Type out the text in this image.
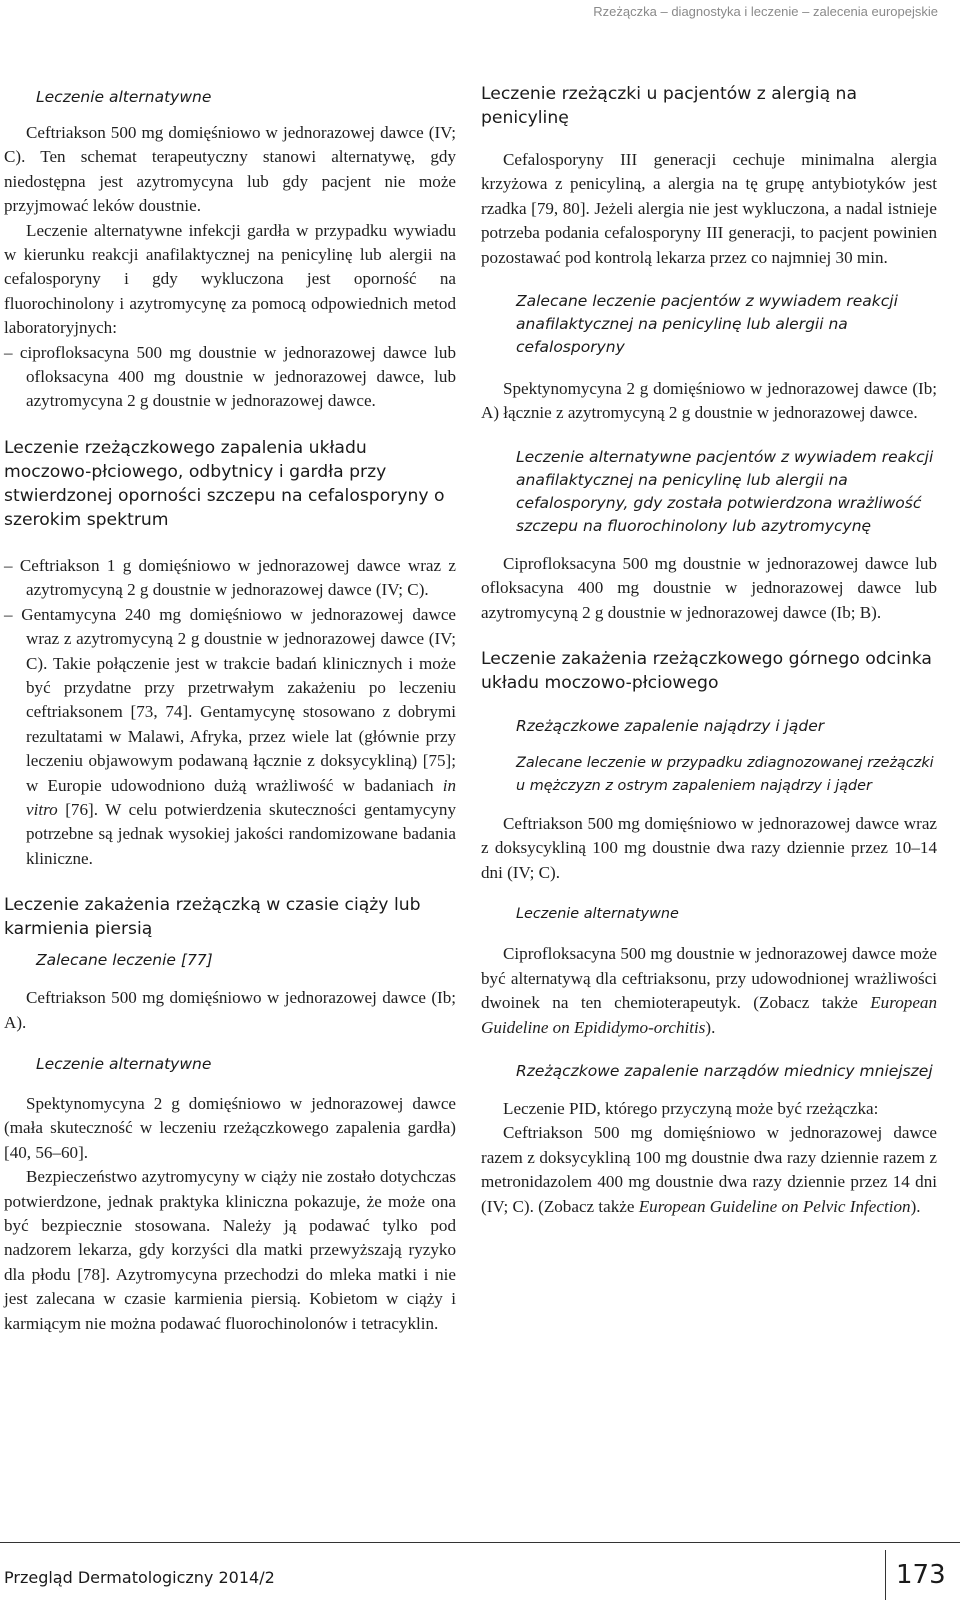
Rzeżączka – diagnostyka i leczenie – zalecenia europejskie
Leczenie alternatywne

Ceftriakson 500 mg domięśniowo w jednorazowej dawce (IV; C). Ten schemat terapeutyczny stanowi alternatywę, gdy niedostępna jest azytromycyna lub gdy pacjent nie może przyjmować leków doustnie.

Leczenie alternatywne infekcji gardła w przypadku wywiadu w kierunku reakcji anafilaktycznej na penicylinę lub alergii na cefalosporyny i gdy wykluczona jest oporność na fluorochinolony i azytromycynę za pomocą odpowiednich metod laboratoryjnych:

– ciprofloksacyna 500 mg doustnie w jednorazowej dawce lub ofloksacyna 400 mg doustnie w jednorazowej dawce, lub azytromycyna 2 g doustnie w jednorazowej dawce.

Leczenie rzeżączkowego zapalenia układu moczowo-płciowego, odbytnicy i gardła przy stwierdzonej oporności szczepu na cefalosporyny o szerokim spektrum

– Ceftriakson 1 g domięśniowo w jednorazowej dawce wraz z azytromycyną 2 g doustnie w jednorazowej dawce (IV; C).

– Gentamycyna 240 mg domięśniowo w jednorazowej dawce wraz z azytromycyną 2 g doustnie w jednorazowej dawce (IV; C). Takie połączenie jest w trakcie badań klinicznych i może być przydatne przy przetrwałym zakażeniu po leczeniu ceftriaksonem [73, 74]. Gentamycynę stosowano z dobrymi rezultatami w Malawi, Afryka, przez wiele lat (głównie przy leczeniu objawowym podawaną łącznie z doksycykliną) [75]; w Europie udowodniono dużą wrażliwość w badaniach in vitro [76]. W celu potwierdzenia skuteczności gentamycyny potrzebne są jednak wysokiej jakości randomizowane badania kliniczne.

Leczenie zakażenia rzeżączką w czasie ciąży lub karmienia piersią
Zalecane leczenie [77]

Ceftriakson 500 mg domięśniowo w jednorazowej dawce (Ib; A).

Leczenie alternatywne

Spektynomycyna 2 g domięśniowo w jednorazowej dawce (mała skuteczność w leczeniu rzeżączkowego zapalenia gardła) [40, 56–60].

Bezpieczeństwo azytromycyny w ciąży nie zostało dotychczas potwierdzone, jednak praktyka kliniczna pokazuje, że może ona być bezpiecznie stosowana. Należy ją podawać tylko pod nadzorem lekarza, gdy korzyści dla matki przewyższają ryzyko dla płodu [78]. Azytromycyna przechodzi do mleka matki i nie jest zalecana w czasie karmienia piersią. Kobietom w ciąży i karmiącym nie można podawać fluorochinolonów i tetracyklin.

Leczenie rzeżączki u pacjentów z alergią na penicylinę

Cefalosporyny III generacji cechuje minimalna alergia krzyżowa z penicyliną, a alergia na tę grupę antybiotyków jest rzadka [79, 80]. Jeżeli alergia nie jest wykluczona, a nadal istnieje potrzeba podania cefalosporyny III generacji, to pacjent powinien pozostawać pod kontrolą lekarza przez co najmniej 30 min.

Zalecane leczenie pacjentów z wywiadem reakcji anafilaktycznej na penicylinę lub alergii na cefalosporyny

Spektynomycyna 2 g domięśniowo w jednorazowej dawce (Ib; A) łącznie z azytromycyną 2 g doustnie w jednorazowej dawce.

Leczenie alternatywne pacjentów z wywiadem reakcji anafilaktycznej na penicylinę lub alergii na cefalosporyny, gdy została potwierdzona wrażliwość szczepu na fluorochinolony lub azytromycynę

Ciprofloksacyna 500 mg doustnie w jednorazowej dawce lub ofloksacyna 400 mg doustnie w jednorazowej dawce lub azytromycyną 2 g doustnie w jednorazowej dawce (Ib; B).

Leczenie zakażenia rzeżączkowego górnego odcinka układu moczowo-płciowego
Rzeżączkowe zapalenie najądrzy i jąder
Zalecane leczenie w przypadku zdiagnozowanej rzeżączki u mężczyzn z ostrym zapaleniem najądrzy i jąder

Ceftriakson 500 mg domięśniowo w jednorazowej dawce wraz z doksycykliną 100 mg doustnie dwa razy dziennie przez 10–14 dni (IV; C).

Leczenie alternatywne

Ciprofloksacyna 500 mg doustnie w jednorazowej dawce może być alternatywą dla ceftriaksonu, przy udowodnionej wrażliwości dwoinek na ten chemioterapeutyk. (Zobacz także European Guideline on Epididymo-orchitis).

Rzeżączkowe zapalenie narządów miednicy mniejszej

Leczenie PID, którego przyczyną może być rzeżączka:

Ceftriakson 500 mg domięśniowo w jednorazowej dawce razem z doksycykliną 100 mg doustnie dwa razy dziennie razem z metronidazolem 400 mg doustnie dwa razy dziennie przez 14 dni (IV; C). (Zobacz także European Guideline on Pelvic Infection).

Przegląd Dermatologiczny 2014/2	173
